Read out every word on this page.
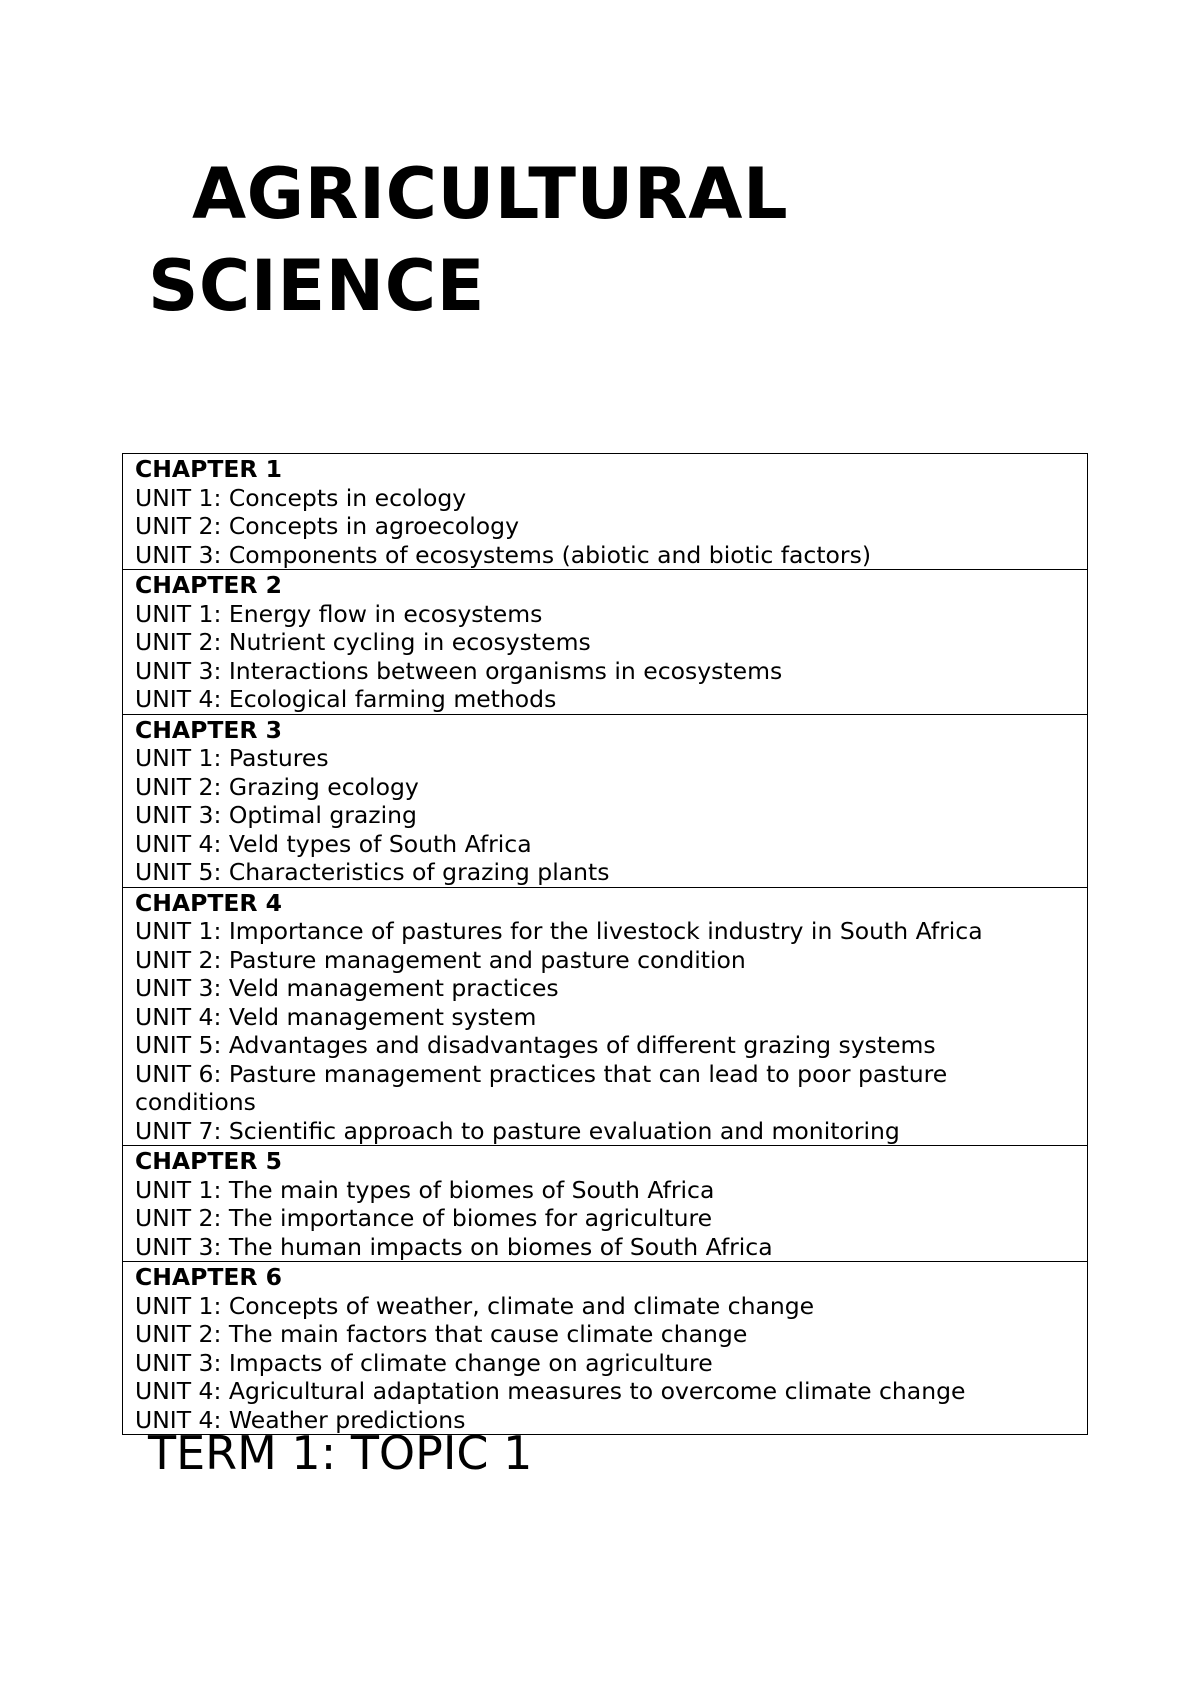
AGRICULTURAL
SCIENCE
CHAPTER 1
UNIT 1: Concepts in ecology
UNIT 2: Concepts in agroecology
UNIT 3: Components of ecosystems (abiotic and biotic factors)

CHAPTER 2
UNIT 1: Energy flow in ecosystems
UNIT 2: Nutrient cycling in ecosystems
UNIT 3: Interactions between organisms in ecosystems
UNIT 4: Ecological farming methods

CHAPTER 3
UNIT 1: Pastures
UNIT 2: Grazing ecology
UNIT 3: Optimal grazing
UNIT 4: Veld types of South Africa
UNIT 5: Characteristics of grazing plants

CHAPTER 4
UNIT 1: Importance of pastures for the livestock industry in South Africa
UNIT 2: Pasture management and pasture condition
UNIT 3: Veld management practices
UNIT 4: Veld management system
UNIT 5: Advantages and disadvantages of different grazing systems
UNIT 6: Pasture management practices that can lead to poor pasture conditions
UNIT 7: Scientific approach to pasture evaluation and monitoring

CHAPTER 5
UNIT 1: The main types of biomes of South Africa
UNIT 2: The importance of biomes for agriculture
UNIT 3: The human impacts on biomes of South Africa

CHAPTER 6
UNIT 1: Concepts of weather, climate and climate change
UNIT 2: The main factors that cause climate change
UNIT 3: Impacts of climate change on agriculture
UNIT 4: Agricultural adaptation measures to overcome climate change
UNIT 4: Weather predictions

TERM 1: TOPIC 1
